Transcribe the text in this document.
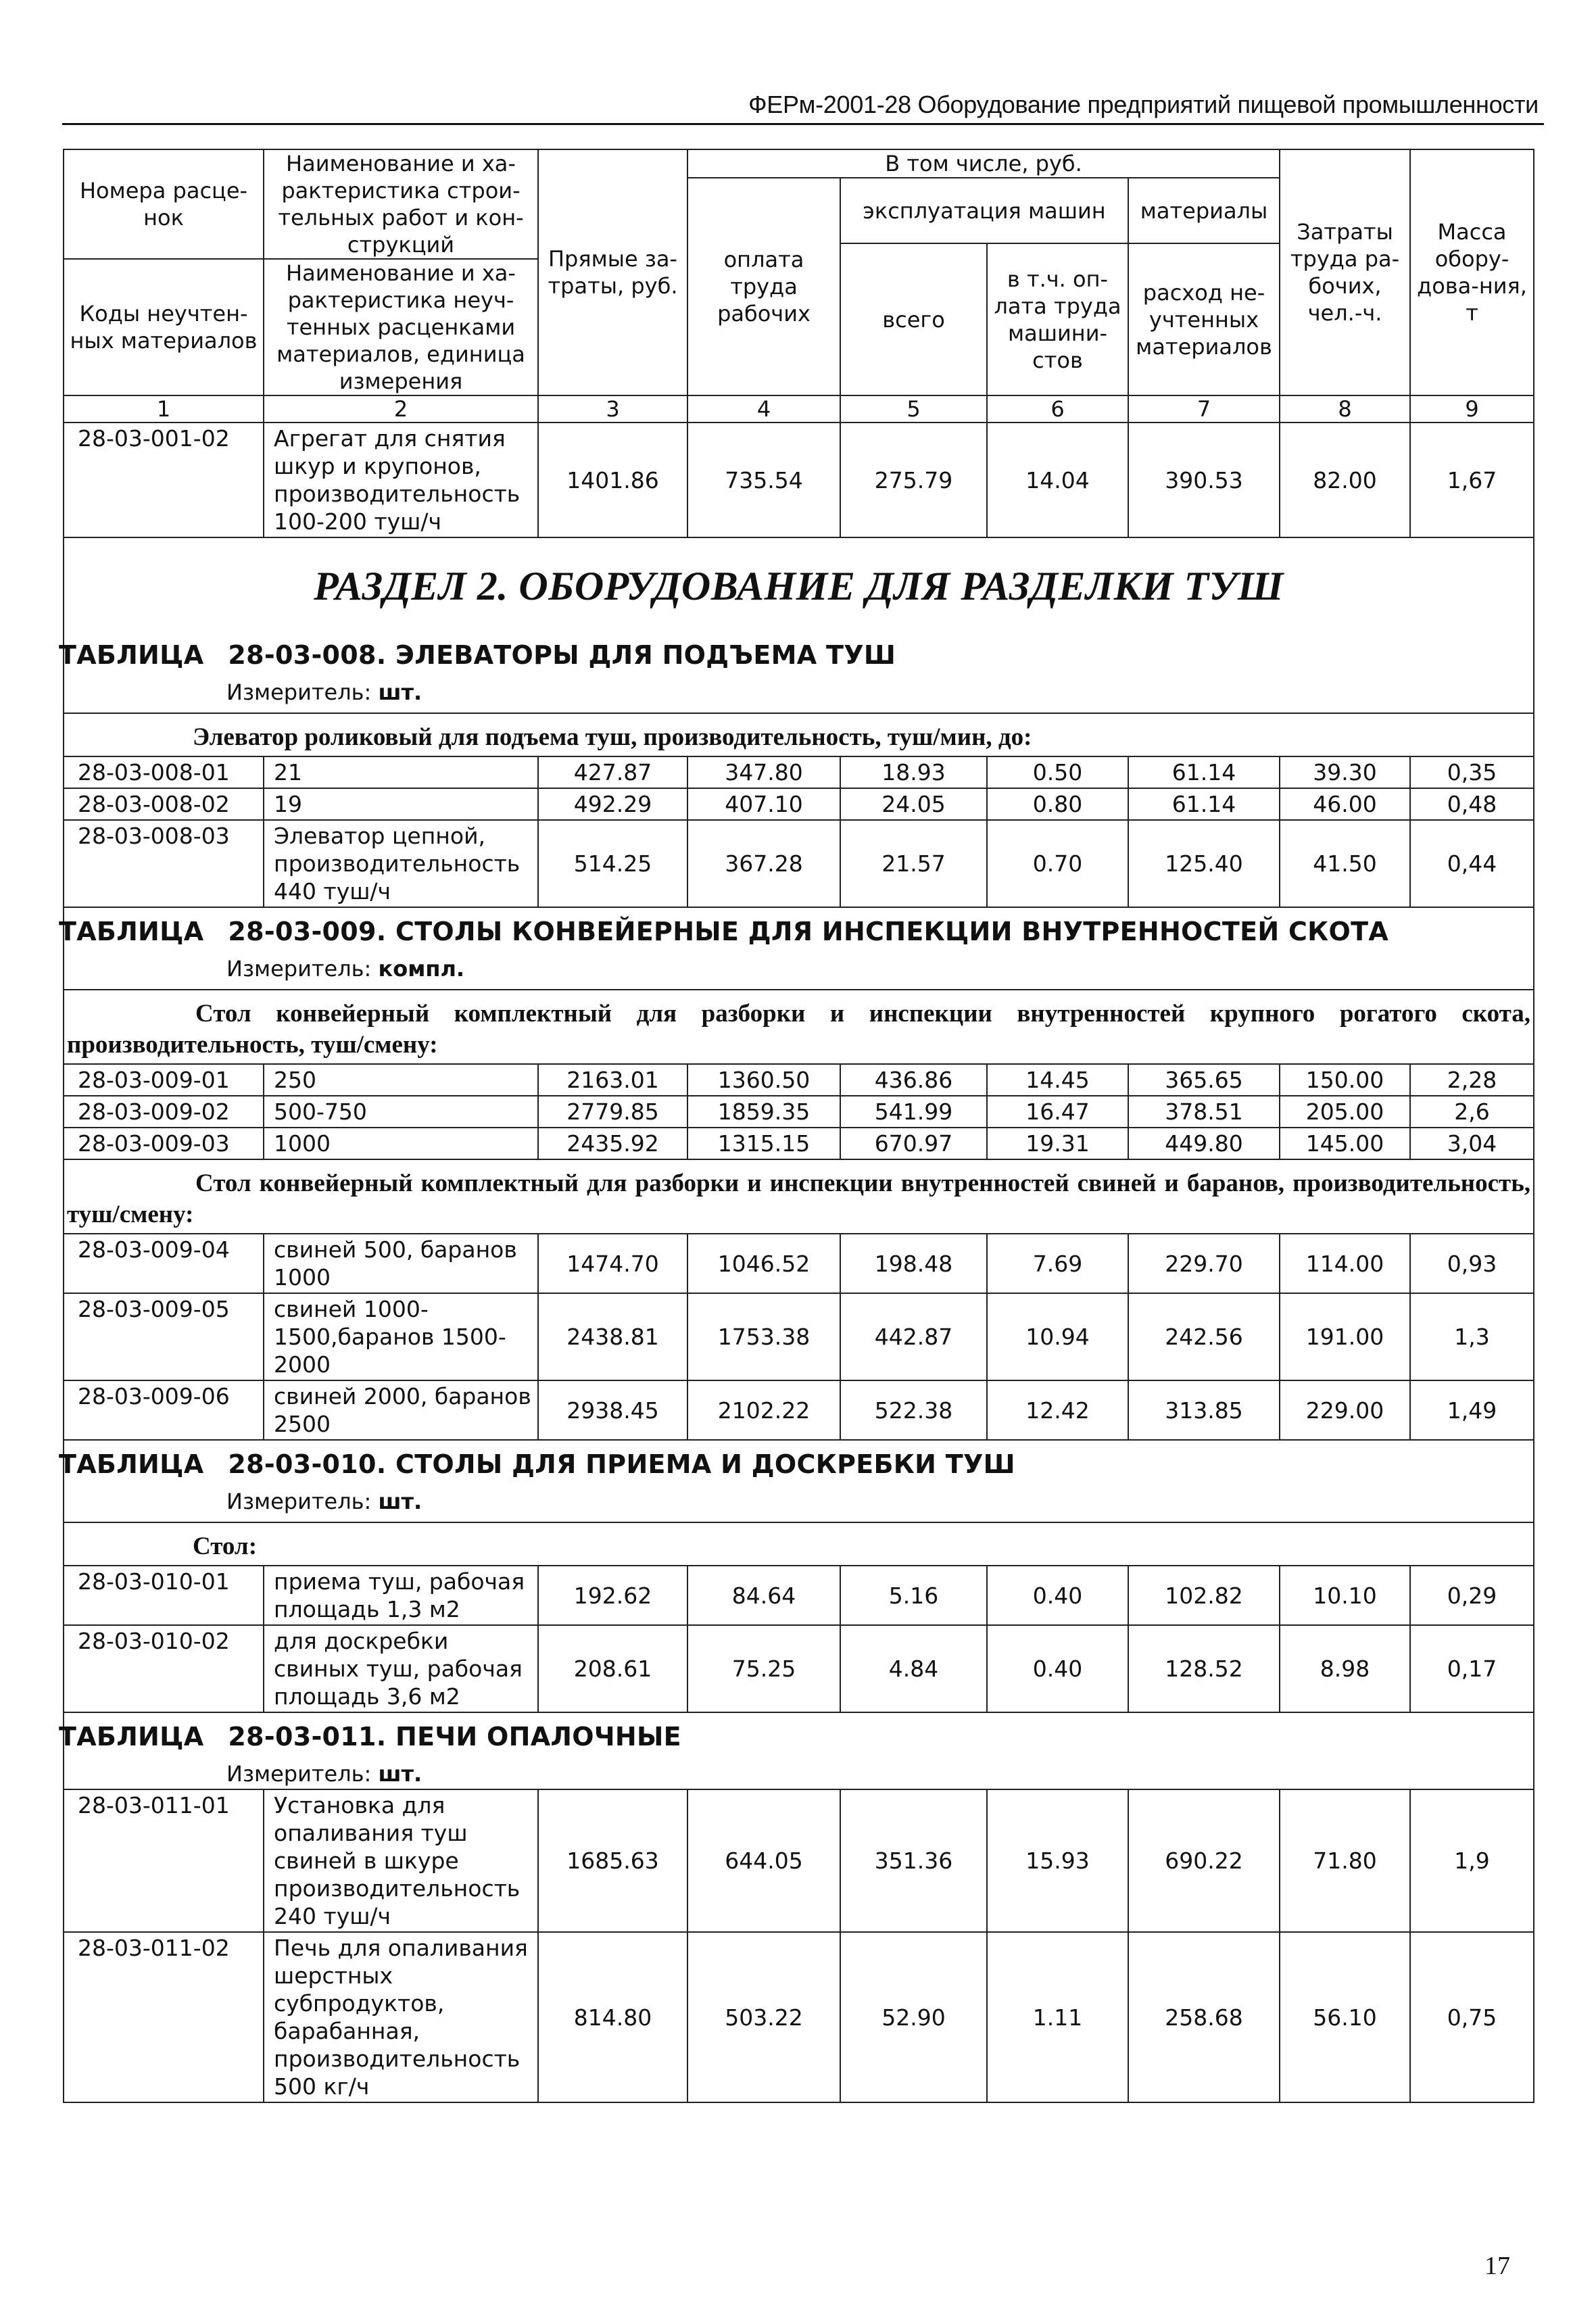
ФЕРм-2001-28 Оборудование предприятий пищевой промышленности
Номера расце-нок	Наименование и ха-рактеристика строи-тельных работ и кон-струкций	Прямые за-траты, руб.	В том числе, руб.				Затраты труда ра-бочих, чел.-ч.	Масса обору-дова-ния, т
			оплата труда рабочих	эксплуатация машин		материалы		
				всего	в т.ч. оп-лата труда машини-стов	расход не-учтенных материалов		
Коды неучтен-ных материалов	Наименование и ха-рактеристика неуч-тенных расценками материалов, единица измерения							

1	2	3	4	5	6	7	8	9
28-03-001-02	Агрегат для снятия шкур и крупонов, производительность 100-200 туш/ч	1401.86	735.54	275.79	14.04	390.53	82.00	1,67

РАЗДЕЛ 2. ОБОРУДОВАНИЕ ДЛЯ РАЗДЕЛКИ ТУШ
ТАБЛИЦА 28-03-008. ЭЛЕВАТОРЫ ДЛЯ ПОДЪЕМА ТУШ
Измеритель: шт.								

Элеватор роликовый для подъема туш, производительность, туш/мин, до:								

28-03-008-01	21	427.87	347.80	18.93	0.50	61.14	39.30	0,35
28-03-008-02	19	492.29	407.10	24.05	0.80	61.14	46.00	0,48
28-03-008-03	Элеватор цепной, производительность 440 туш/ч	514.25	367.28	21.57	0.70	125.40	41.50	0,44

ТАБЛИЦА 28-03-009. СТОЛЫ КОНВЕЙЕРНЫЕ ДЛЯ ИНСПЕКЦИИ ВНУТРЕННОСТЕЙ СКОТА
Измеритель: компл.								

Стол конвейерный комплектный для разборки и инспекции внутренностей крупного рогатого скота, производительность, туш/смену:								

28-03-009-01	250	2163.01	1360.50	436.86	14.45	365.65	150.00	2,28
28-03-009-02	500-750	2779.85	1859.35	541.99	16.47	378.51	205.00	2,6
28-03-009-03	1000	2435.92	1315.15	670.97	19.31	449.80	145.00	3,04

Стол конвейерный комплектный для разборки и инспекции внутренностей свиней и баранов, производительность, туш/смену:								

28-03-009-04	свиней 500, баранов 1000	1474.70	1046.52	198.48	7.69	229.70	114.00	0,93
28-03-009-05	свиней 1000-1500,баранов 1500-2000	2438.81	1753.38	442.87	10.94	242.56	191.00	1,3
28-03-009-06	свиней 2000, баранов 2500	2938.45	2102.22	522.38	12.42	313.85	229.00	1,49

ТАБЛИЦА 28-03-010. СТОЛЫ ДЛЯ ПРИЕМА И ДОСКРЕБКИ ТУШ
Измеритель: шт.								

Стол:								

28-03-010-01	приема туш, рабочая площадь 1,3 м2	192.62	84.64	5.16	0.40	102.82	10.10	0,29
28-03-010-02	для доскребки свиных туш, рабочая площадь 3,6 м2	208.61	75.25	4.84	0.40	128.52	8.98	0,17

ТАБЛИЦА 28-03-011. ПЕЧИ ОПАЛОЧНЫЕ
Измеритель: шт.								

28-03-011-01	Установка для опаливания туш свиней в шкуре производительность 240 туш/ч	1685.63	644.05	351.36	15.93	690.22	71.80	1,9
28-03-011-02	Печь для опаливания шерстных субпродуктов, барабанная, производительность 500 кг/ч	814.80	503.22	52.90	1.11	258.68	56.10	0,75
17
